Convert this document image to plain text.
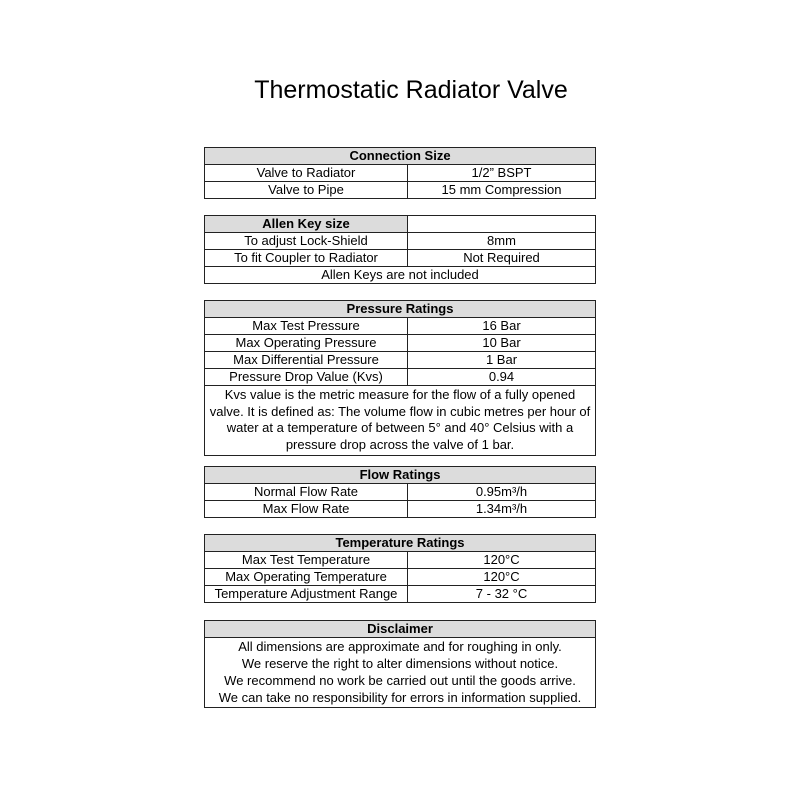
Thermostatic Radiator Valve
Connection Size	
Valve to Radiator	1/2” BSPT
Valve to Pipe	15 mm Compression
Allen Key size	
To adjust Lock-Shield	8mm
To fit Coupler to Radiator	Not Required
Allen Keys are not included	
Pressure Ratings	
Max Test Pressure	16 Bar
Max Operating Pressure	10 Bar
Max Differential Pressure	1 Bar
Pressure Drop Value (Kvs)	0.94

Kvs value is the metric measure for the flow of a fully opened
valve. It is defined as: The volume flow in cubic metres per hour of
water at a temperature of between 5° and 40° Celsius with a
pressure drop across the valve of 1 bar.	
Flow Ratings	
Normal Flow Rate	0.95m³/h
Max Flow Rate	1.34m³/h
Temperature Ratings	
Max Test Temperature	120°C
Max Operating Temperature	120°C
Temperature Adjustment Range	7 - 32 °C
Disclaimer

All dimensions are approximate and for roughing in only.
We reserve the right to alter dimensions without notice.
We recommend no work be carried out until the goods arrive.
We can take no responsibility for errors in information supplied.
